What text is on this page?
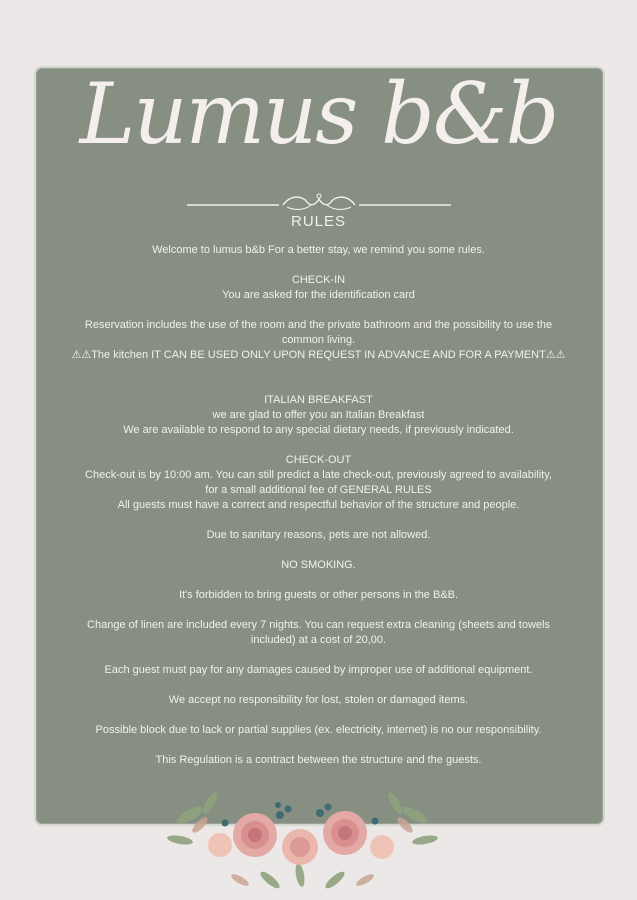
Lumus b&b
RULES

Welcome to lumus b&b For a better stay, we remind you some rules.

CHECK-IN

You are asked for the identification card

Reservation includes the use of the room and the private bathroom and the possibility to use the

common living.

⚠⚠The kitchen IT CAN BE USED ONLY UPON REQUEST IN ADVANCE AND FOR A PAYMENT⚠⚠

ITALIAN BREAKFAST

we are glad to offer you an Italian Breakfast

We are available to respond to any special dietary needs, if previously indicated.

CHECK-OUT

Check-out is by 10:00 am. You can still predict a late check-out, previously agreed to availability,

for a small additional fee of GENERAL RULES

All guests must have a correct and respectful behavior of the structure and people.

Due to sanitary reasons, pets are not allowed.

NO SMOKING.

It's forbidden to bring guests or other persons in the B&B.

Change of linen are included every 7 nights. You can request extra cleaning (sheets and towels

included) at a cost of 20,00.

Each guest must pay for any damages caused by improper use of additional equipment.

We accept no responsibility for lost, stolen or damaged items.

Possible block due to lack or partial supplies (ex. electricity, internet) is no our responsibility.

This Regulation is a contract between the structure and the guests.
